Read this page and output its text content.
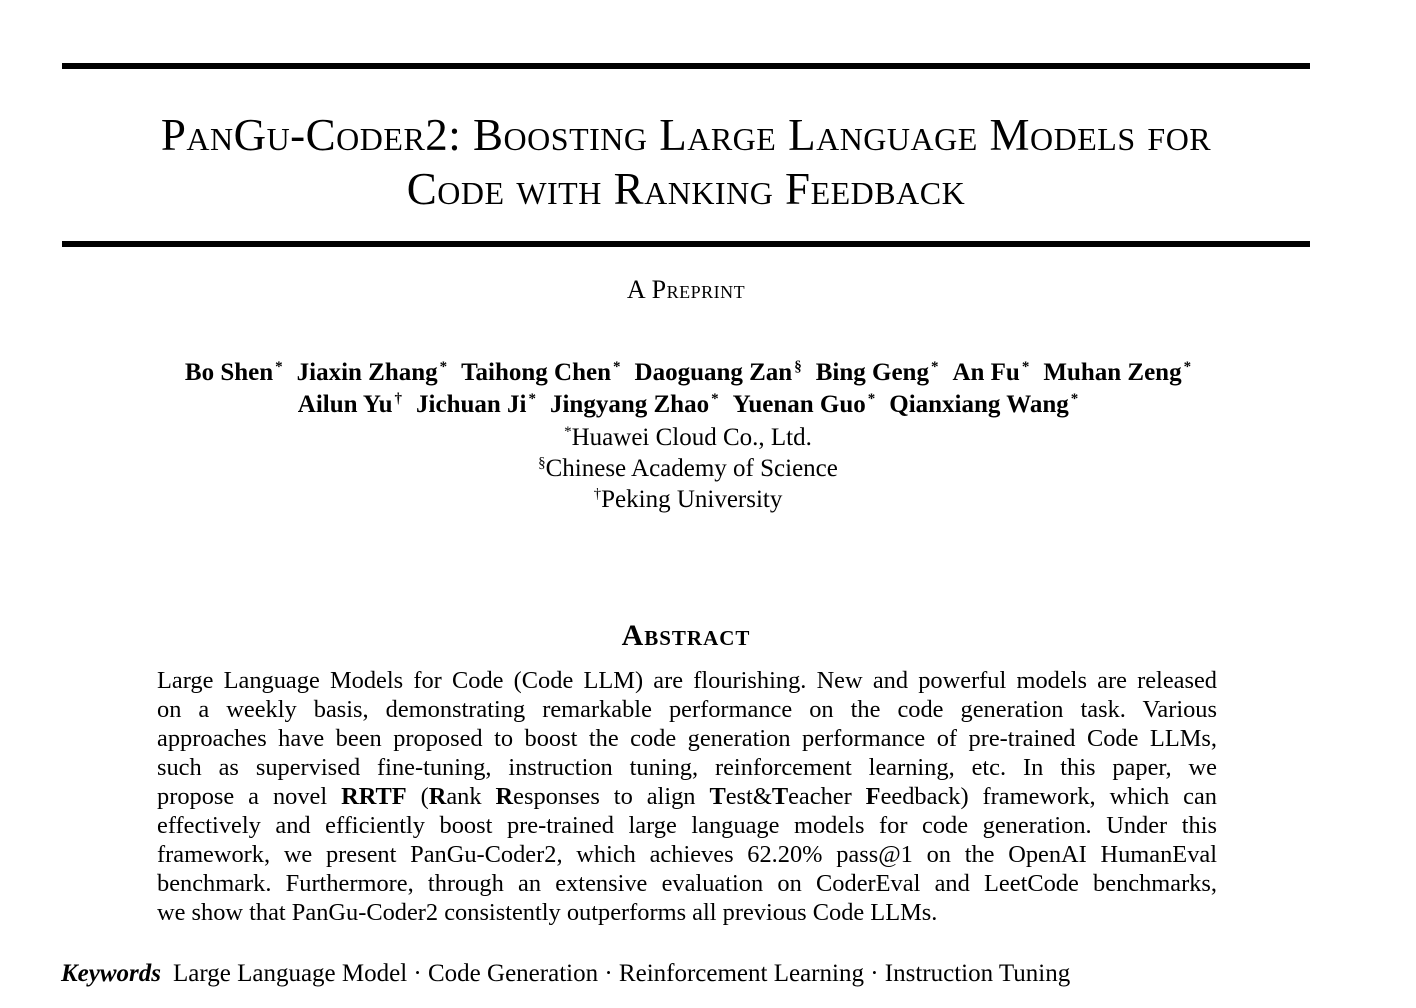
PanGu-Coder2: Boosting Large Language Models for
Code with Ranking Feedback
A Preprint
Bo Shen * Jiaxin Zhang * Taihong Chen * Daoguang Zan § Bing Geng * An Fu * Muhan Zeng *
Ailun Yu † Jichuan Ji * Jingyang Zhao * Yuenan Guo * Qianxiang Wang *
*Huawei Cloud Co., Ltd.
§Chinese Academy of Science
†Peking University
Abstract
Large Language Models for Code (Code LLM) are flourishing. New and powerful models are released
on a weekly basis, demonstrating remarkable performance on the code generation task. Various
approaches have been proposed to boost the code generation performance of pre-trained Code LLMs,
such as supervised fine-tuning, instruction tuning, reinforcement learning, etc. In this paper, we
propose a novel RRTF (Rank Responses to align Test&Teacher Feedback) framework, which can
effectively and efficiently boost pre-trained large language models for code generation. Under this
framework, we present PanGu-Coder2, which achieves 62.20% pass@1 on the OpenAI HumanEval
benchmark. Furthermore, through an extensive evaluation on CoderEval and LeetCode benchmarks,
we show that PanGu-Coder2 consistently outperforms all previous Code LLMs.
Keywords Large Language Model · Code Generation · Reinforcement Learning · Instruction Tuning
